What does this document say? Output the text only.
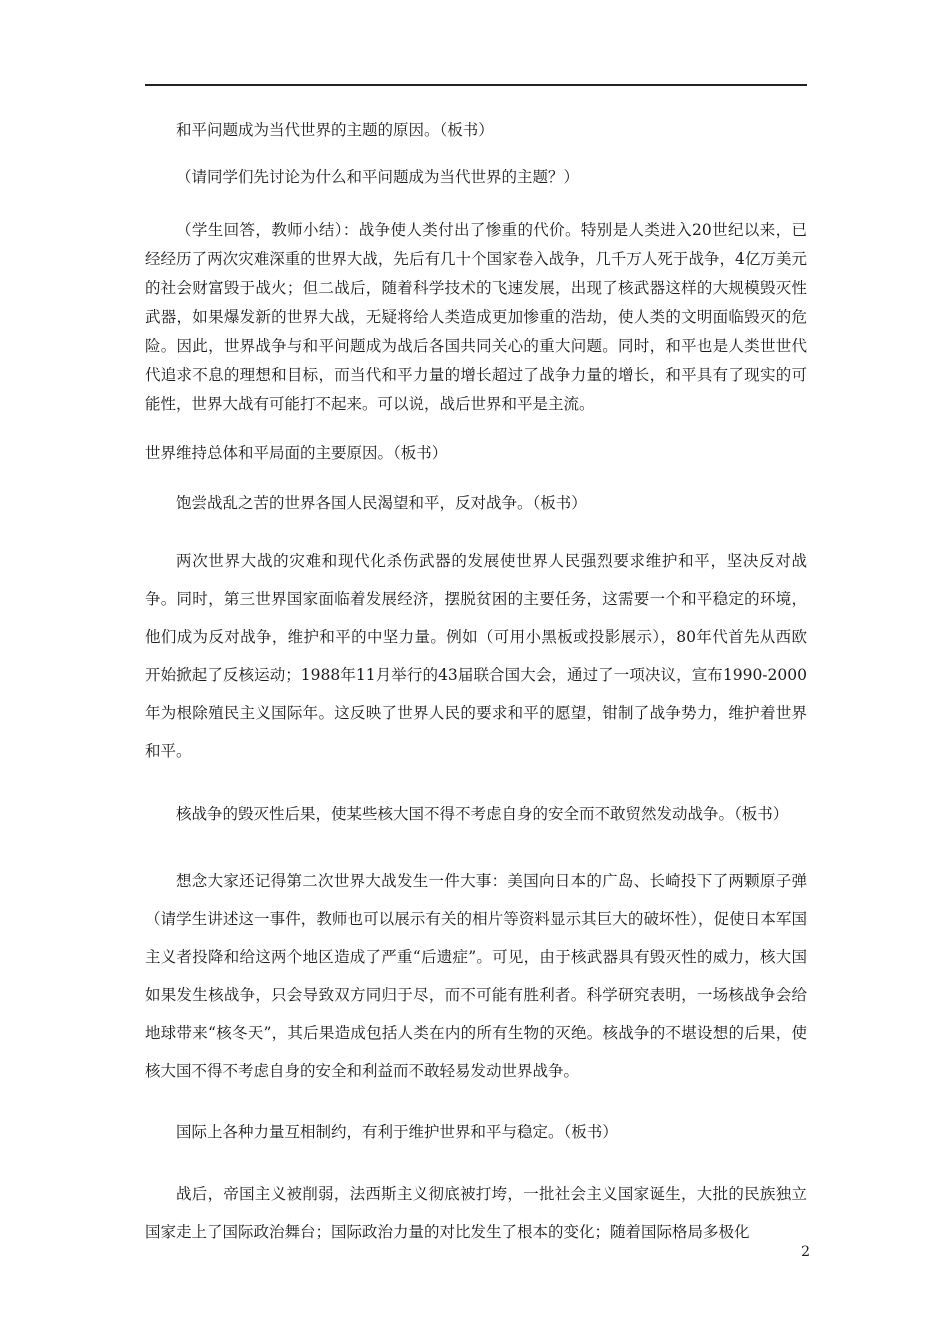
和平问题成为当代世界的主题的原因。（板书）

（请同学们先讨论为什么和平问题成为当代世界的主题？）

（学生回答，教师小结）：战争使人类付出了惨重的代价。特别是人类进入20世纪以来，已经经历了两次灾难深重的世界大战，先后有几十个国家卷入战争，几千万人死于战争，4亿万美元的社会财富毁于战火；但二战后，随着科学技术的飞速发展，出现了核武器这样的大规模毁灭性武器，如果爆发新的世界大战，无疑将给人类造成更加惨重的浩劫，使人类的文明面临毁灭的危险。因此，世界战争与和平问题成为战后各国共同关心的重大问题。同时，和平也是人类世世代代追求不息的理想和目标，而当代和平力量的增长超过了战争力量的增长，和平具有了现实的可能性，世界大战有可能打不起来。可以说，战后世界和平是主流。

世界维持总体和平局面的主要原因。（板书）

饱尝战乱之苦的世界各国人民渴望和平，反对战争。（板书）

两次世界大战的灾难和现代化杀伤武器的发展使世界人民强烈要求维护和平，坚决反对战争。同时，第三世界国家面临着发展经济，摆脱贫困的主要任务，这需要一个和平稳定的环境，他们成为反对战争，维护和平的中坚力量。例如（可用小黑板或投影展示），80年代首先从西欧开始掀起了反核运动；1988年11月举行的43届联合国大会，通过了一项决议，宣布1990-2000年为根除殖民主义国际年。这反映了世界人民的要求和平的愿望，钳制了战争势力，维护着世界和平。

核战争的毁灭性后果，使某些核大国不得不考虑自身的安全而不敢贸然发动战争。（板书）

想念大家还记得第二次世界大战发生一件大事：美国向日本的广岛、长崎投下了两颗原子弹（请学生讲述这一事件，教师也可以展示有关的相片等资料显示其巨大的破坏性），促使日本军国主义者投降和给这两个地区造成了严重“后遗症”。可见，由于核武器具有毁灭性的威力，核大国如果发生核战争，只会导致双方同归于尽，而不可能有胜利者。科学研究表明，一场核战争会给地球带来“核冬天”，其后果造成包括人类在内的所有生物的灭绝。核战争的不堪设想的后果，使核大国不得不考虑自身的安全和利益而不敢轻易发动世界战争。

国际上各种力量互相制约，有利于维护世界和平与稳定。（板书）

战后，帝国主义被削弱，法西斯主义彻底被打垮，一批社会主义国家诞生，大批的民族独立国家走上了国际政治舞台；国际政治力量的对比发生了根本的变化；随着国际格局多极化

2
